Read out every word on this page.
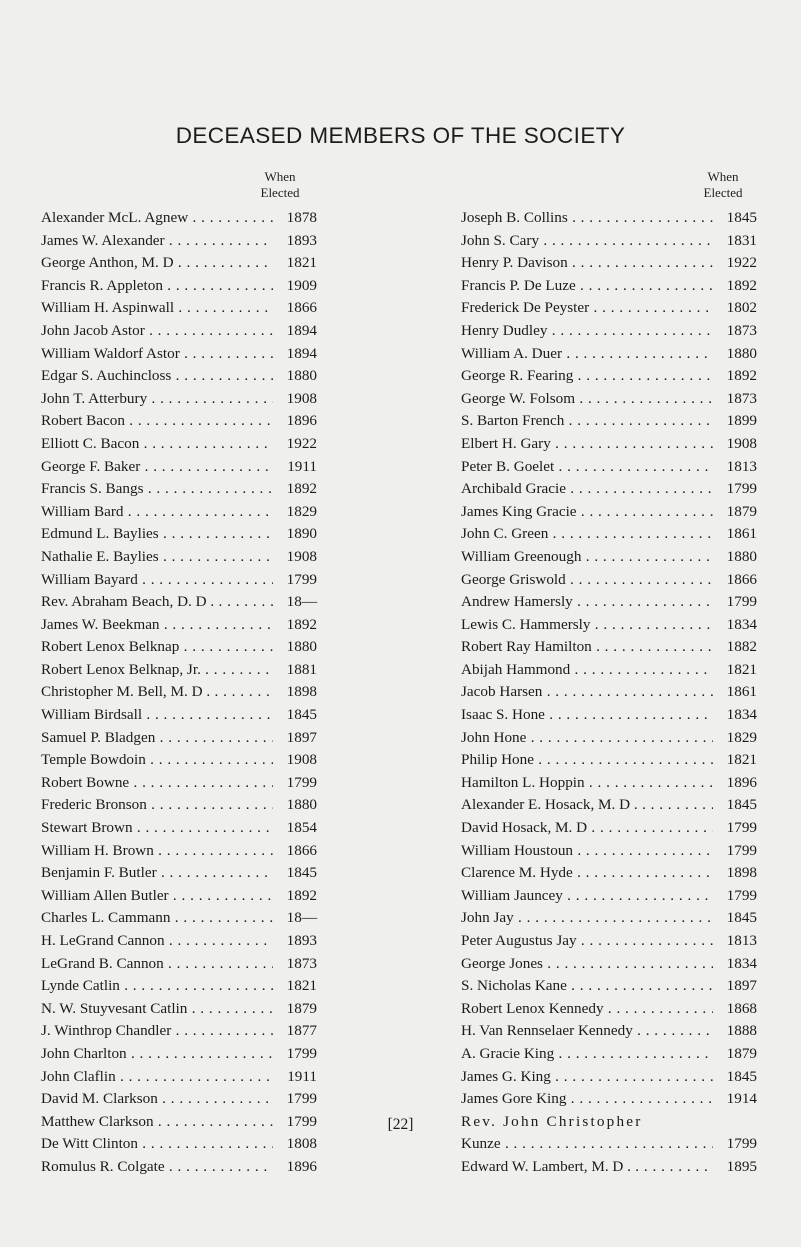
DECEASED MEMBERS OF THE SOCIETY
When
Elected
When
Elected
Alexander McL. Agnew . . .	1878
James W. Alexander . . .	1893
George Anthon, M. D . . .	1821
Francis R. Appleton . . .	1909
William H. Aspinwall . . .	1866
John Jacob Astor . . .	1894
William Waldorf Astor . . .	1894
Edgar S. Auchincloss . . .	1880
John T. Atterbury . . .	1908
Robert Bacon . . .	1896
Elliott C. Bacon . . .	1922
George F. Baker . . .	1911
Francis S. Bangs . . .	1892
William Bard . . .	1829
Edmund L. Baylies . . .	1890
Nathalie E. Baylies . . .	1908
William Bayard . . .	1799
Rev. Abraham Beach, D. D . . . .	18—
James W. Beekman . . .	1892
Robert Lenox Belknap . . .	1880
Robert Lenox Belknap, Jr. . . .	1881
Christopher M. Bell, M. D . . . .	1898
William Birdsall . . .	1845
Samuel P. Bladgen . . .	1897
Temple Bowdoin . . .	1908
Robert Bowne . . .	1799
Frederic Bronson . . .	1880
Stewart Brown . . .	1854
William H. Brown . . .	1866
Benjamin F. Butler . . .	1845
William Allen Butler . . .	1892
Charles L. Cammann . . .	18—
H. LeGrand Cannon . . .	1893
LeGrand B. Cannon . . .	1873
Lynde Catlin . . .	1821
N. W. Stuyvesant Catlin . . .	1879
J. Winthrop Chandler . . .	1877
John Charlton . . .	1799
John Claflin . . .	1911
David M. Clarkson . . .	1799
Matthew Clarkson . . .	1799
De Witt Clinton . . .	1808
Romulus R. Colgate . . .	1896
Joseph B. Collins . . .	1845
John S. Cary . . .	1831
Henry P. Davison . . .	1922
Francis P. De Luze . . .	1892
Frederick De Peyster . . .	1802
Henry Dudley . . .	1873
William A. Duer . . .	1880
George R. Fearing . . .	1892
George W. Folsom . . .	1873
S. Barton French . . .	1899
Elbert H. Gary . . .	1908
Peter B. Goelet . . .	1813
Archibald Gracie . . .	1799
James King Gracie . . .	1879
John C. Green . . .	1861
William Greenough . . .	1880
George Griswold . . .	1866
Andrew Hamersly . . .	1799
Lewis C. Hammersly . . .	1834
Robert Ray Hamilton . . .	1882
Abijah Hammond . . .	1821
Jacob Harsen . . .	1861
Isaac S. Hone . . .	1834
John Hone . . .	1829
Philip Hone . . .	1821
Hamilton L. Hoppin . . .	1896
Alexander E. Hosack, M. D . . . .	1845
David Hosack, M. D . . .	1799
William Houstoun . . .	1799
Clarence M. Hyde . . .	1898
William Jauncey . . .	1799
John Jay . . .	1845
Peter Augustus Jay . . .	1813
George Jones . . .	1834
S. Nicholas Kane . . .	1897
Robert Lenox Kennedy . . .	1868
H. Van Rennselaer Kennedy . . .	1888
A. Gracie King . . .	1879
James G. King . . .	1845
James Gore King . . .	1914
Rev. John Christopher
Kunze . . .	1799
Edward W. Lambert, M. D . . . .	1895
[22]
